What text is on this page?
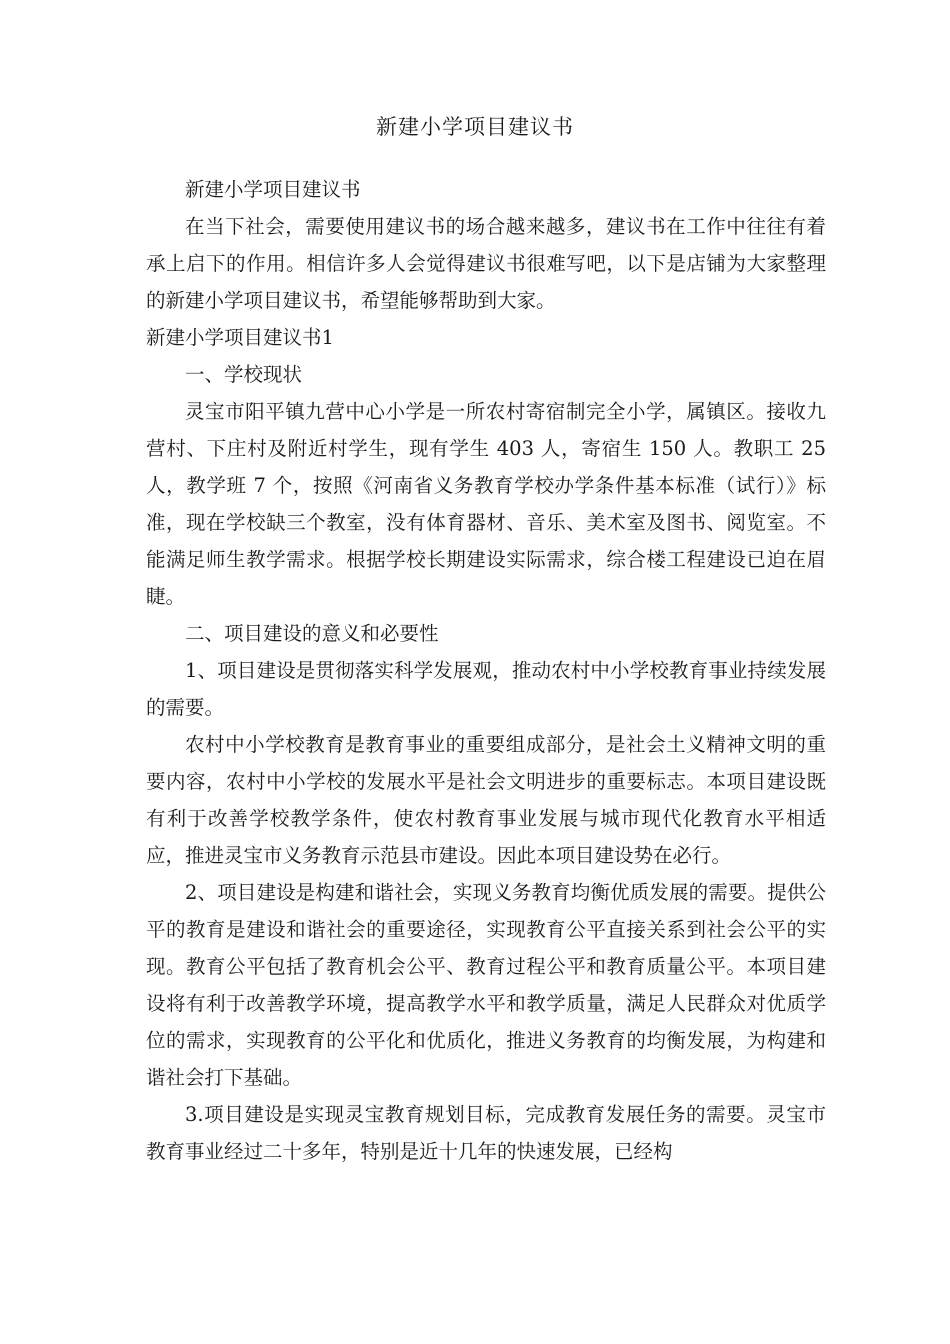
新建小学项目建议书

新建小学项目建议书

在当下社会，需要使用建议书的场合越来越多，建议书在工作中往往有着承上启下的作用。相信许多人会觉得建议书很难写吧，以下是店铺为大家整理的新建小学项目建议书，希望能够帮助到大家。

新建小学项目建议书1

一、学校现状

灵宝市阳平镇九营中心小学是一所农村寄宿制完全小学，属镇区。接收九营村、下庄村及附近村学生，现有学生 403 人，寄宿生 150 人。教职工 25 人，教学班 7 个，按照《河南省义务教育学校办学条件基本标准（试行）》标准，现在学校缺三个教室，没有体育器材、音乐、美术室及图书、阅览室。不能满足师生教学需求。根据学校长期建设实际需求，综合楼工程建设已迫在眉睫。

二、项目建设的意义和必要性

1、项目建设是贯彻落实科学发展观，推动农村中小学校教育事业持续发展的需要。

农村中小学校教育是教育事业的重要组成部分，是社会土义精神文明的重要内容，农村中小学校的发展水平是社会文明进步的重要标志。本项目建设既有利于改善学校教学条件，使农村教育事业发展与城市现代化教育水平相适应，推进灵宝市义务教育示范县市建设。因此本项目建设势在必行。

2、项目建设是构建和谐社会，实现义务教育均衡优质发展的需要。提供公平的教育是建设和谐社会的重要途径，实现教育公平直接关系到社会公平的实现。教育公平包括了教育机会公平、教育过程公平和教育质量公平。本项目建设将有利于改善教学环境，提高教学水平和教学质量，满足人民群众对优质学位的需求，实现教育的公平化和优质化，推进义务教育的均衡发展，为构建和谐社会打下基础。

3.项目建设是实现灵宝教育规划目标，完成教育发展任务的需要。灵宝市教育事业经过二十多年，特别是近十几年的快速发展，已经构
